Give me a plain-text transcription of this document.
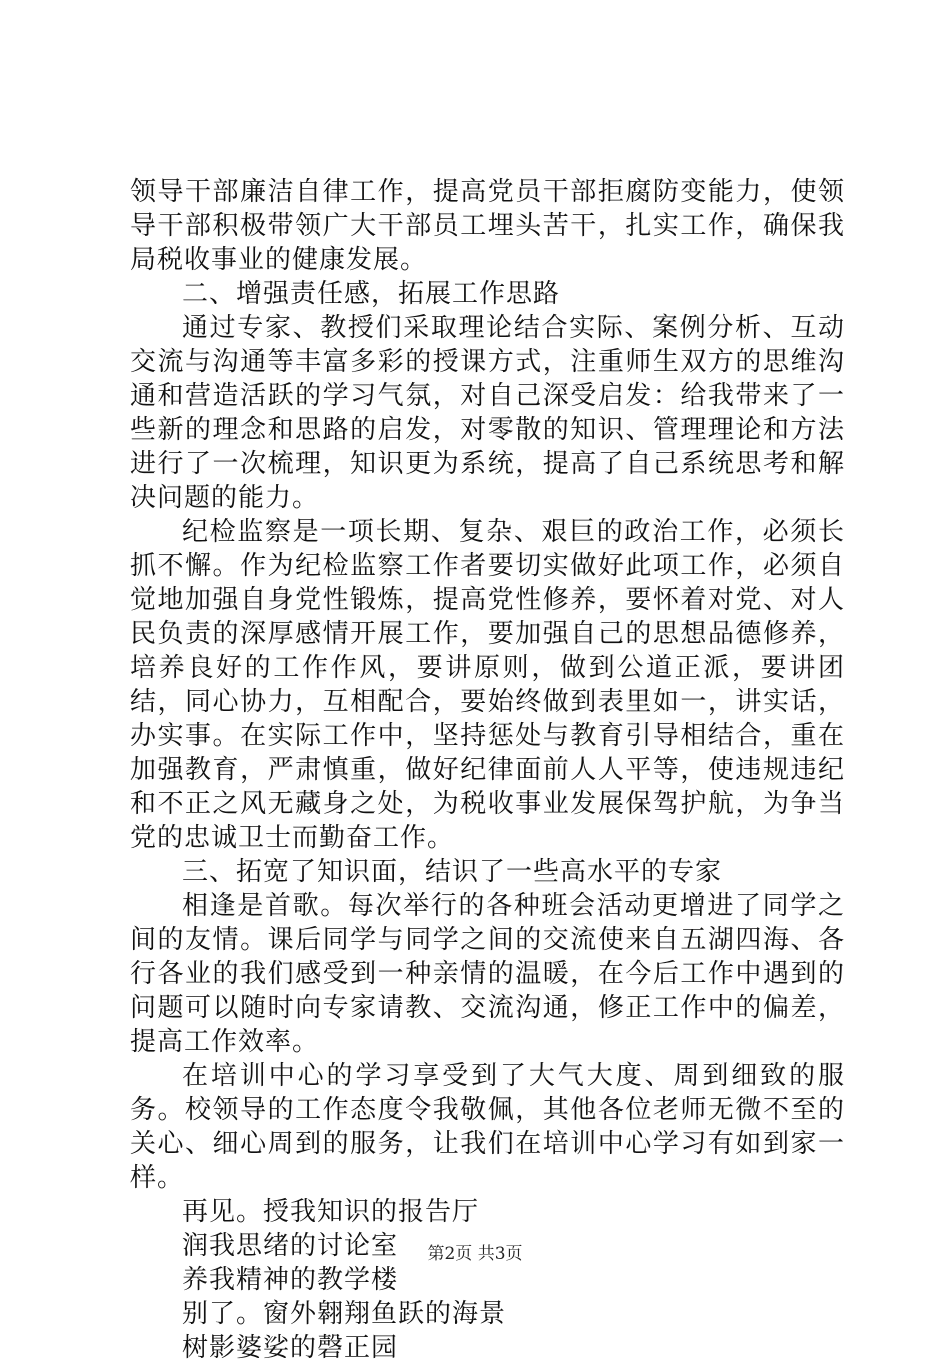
领导干部廉洁自律工作，提高党员干部拒腐防变能力，使领导干部积极带领广大干部员工埋头苦干，扎实工作，确保我局税收事业的健康发展。

二、增强责任感，拓展工作思路

通过专家、教授们采取理论结合实际、案例分析、互动交流与沟通等丰富多彩的授课方式，注重师生双方的思维沟通和营造活跃的学习气氛，对自己深受启发：给我带来了一些新的理念和思路的启发，对零散的知识、管理理论和方法进行了一次梳理，知识更为系统，提高了自己系统思考和解决问题的能力。

纪检监察是一项长期、复杂、艰巨的政治工作，必须长抓不懈。作为纪检监察工作者要切实做好此项工作，必须自觉地加强自身党性锻炼，提高党性修养，要怀着对党、对人民负责的深厚感情开展工作，要加强自己的思想品德修养，培养良好的工作作风，要讲原则，做到公道正派，要讲团结，同心协力，互相配合，要始终做到表里如一，讲实话，办实事。在实际工作中，坚持惩处与教育引导相结合，重在加强教育，严肃慎重，做好纪律面前人人平等，使违规违纪和不正之风无藏身之处，为税收事业发展保驾护航，为争当党的忠诚卫士而勤奋工作。

三、拓宽了知识面，结识了一些高水平的专家

相逢是首歌。每次举行的各种班会活动更增进了同学之间的友情。课后同学与同学之间的交流使来自五湖四海、各行各业的我们感受到一种亲情的温暖，在今后工作中遇到的问题可以随时向专家请教、交流沟通，修正工作中的偏差，提高工作效率。

在培训中心的学习享受到了大气大度、周到细致的服务。校领导的工作态度令我敬佩，其他各位老师无微不至的关心、细心周到的服务，让我们在培训中心学习有如到家一样。

再见。授我知识的报告厅

润我思绪的讨论室

养我精神的教学楼

别了。窗外翱翔鱼跃的海景

树影婆娑的磬正园

第2页 共3页
